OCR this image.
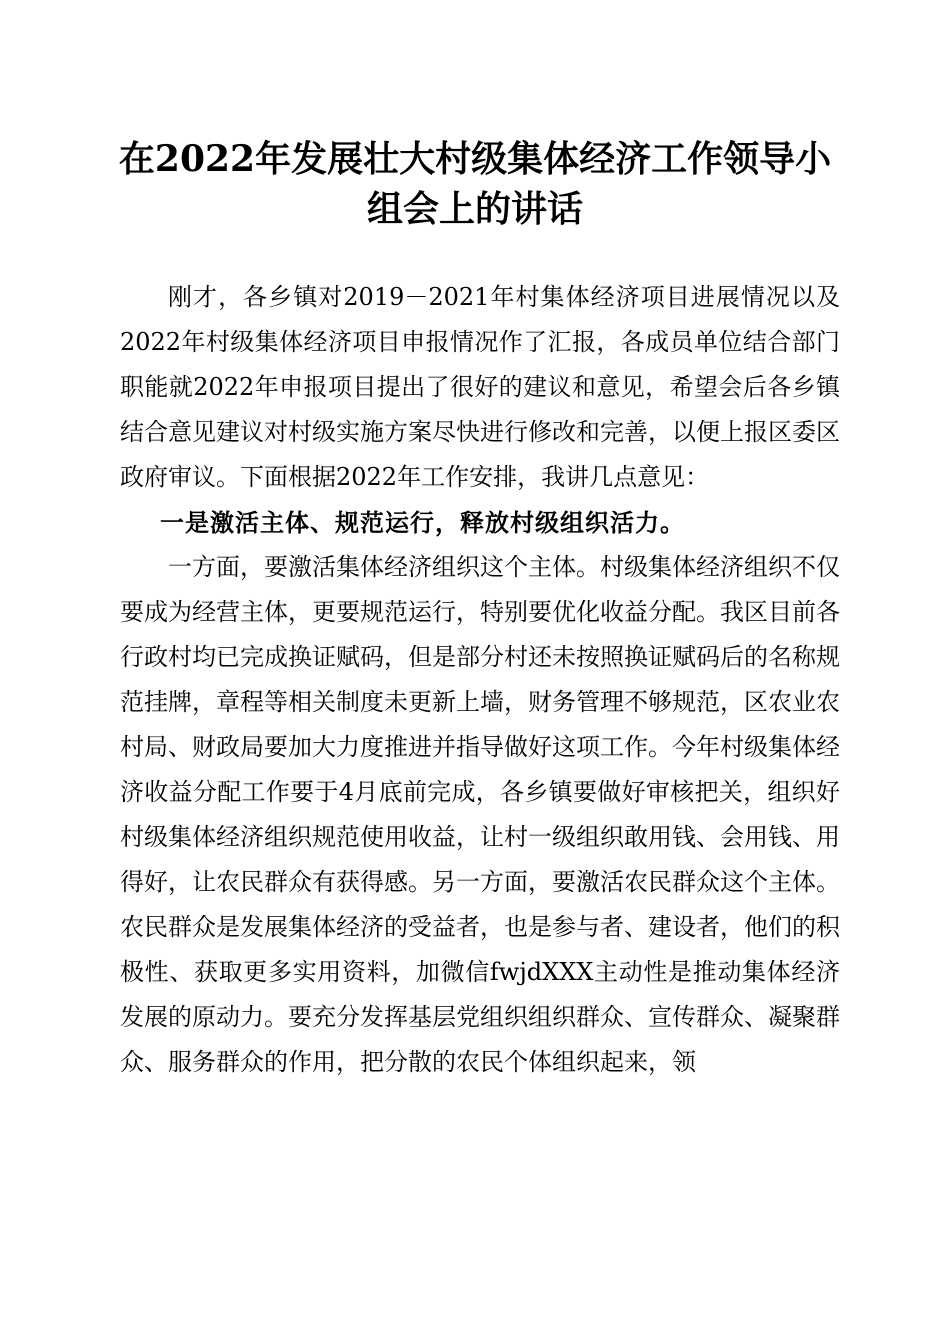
在2022年发展壮大村级集体经济工作领导小
组会上的讲话

刚才，各乡镇对2019－2021年村集体经济项目进展情况以及2022年村级集体经济项目申报情况作了汇报，各成员单位结合部门职能就2022年申报项目提出了很好的建议和意见，希望会后各乡镇结合意见建议对村级实施方案尽快进行修改和完善，以便上报区委区政府审议。下面根据2022年工作安排，我讲几点意见：

一是激活主体、规范运行，释放村级组织活力。

一方面，要激活集体经济组织这个主体。村级集体经济组织不仅要成为经营主体，更要规范运行，特别要优化收益分配。我区目前各行政村均已完成换证赋码，但是部分村还未按照换证赋码后的名称规范挂牌，章程等相关制度未更新上墙，财务管理不够规范，区农业农村局、财政局要加大力度推进并指导做好这项工作。今年村级集体经济收益分配工作要于4月底前完成，各乡镇要做好审核把关，组织好村级集体经济组织规范使用收益，让村一级组织敢用钱、会用钱、用得好，让农民群众有获得感。另一方面，要激活农民群众这个主体。农民群众是发展集体经济的受益者，也是参与者、建设者，他们的积极性、获取更多实用资料，加微信fwjdXXX主动性是推动集体经济发展的原动力。要充分发挥基层党组织组织群众、宣传群众、凝聚群众、服务群众的作用，把分散的农民个体组织起来，领
